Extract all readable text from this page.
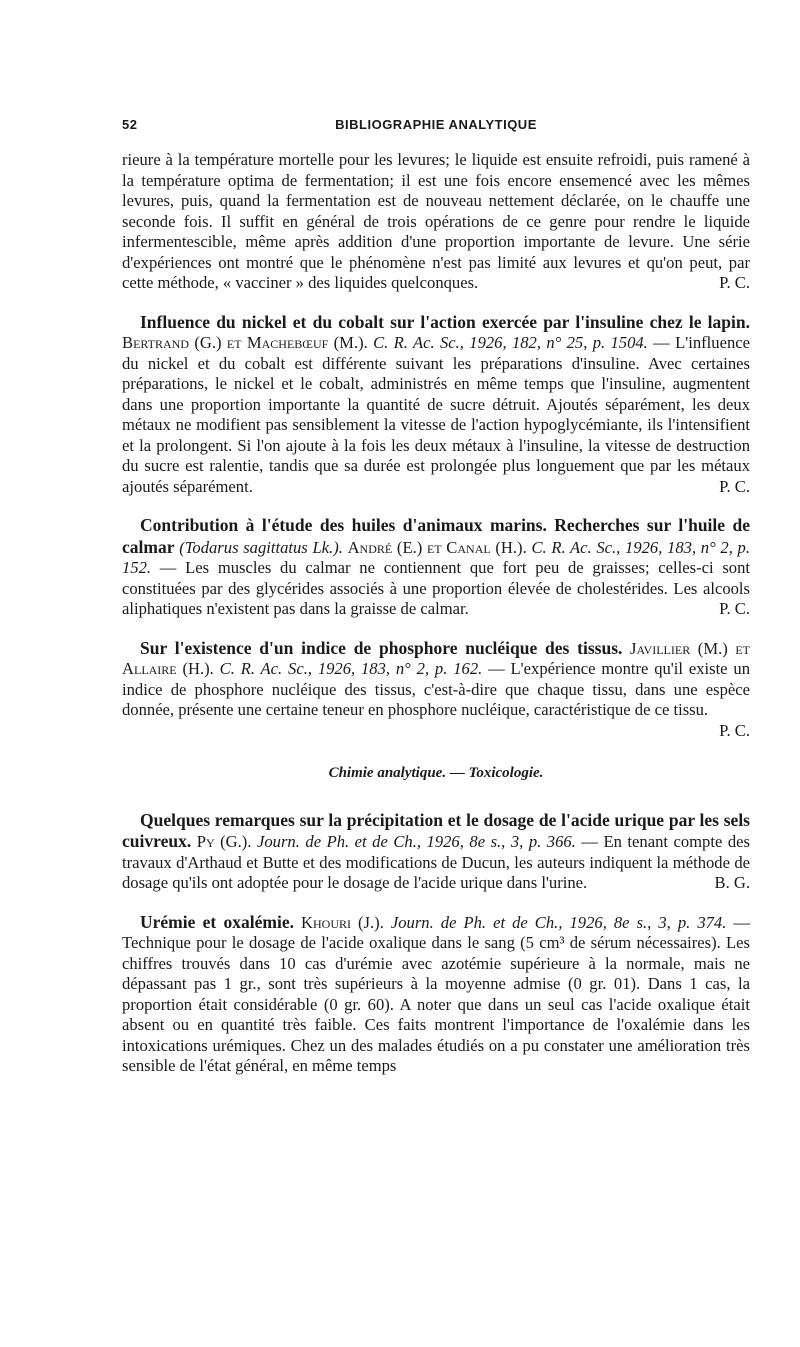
52	BIBLIOGRAPHIE ANALYTIQUE

rieure à la température mortelle pour les levures; le liquide est ensuite refroidi, puis ramené à la température optima de fermentation; il est une fois encore ensemencé avec les mêmes levures, puis, quand la fermentation est de nouveau nettement déclarée, on le chauffe une seconde fois. Il suffit en général de trois opérations de ce genre pour rendre le liquide infermentescible, même après addition d'une proportion importante de levure. Une série d'expériences ont montré que le phénomène n'est pas limité aux levures et qu'on peut, par cette méthode, « vacciner » des liquides quelconques.	P. C.

Influence du nickel et du cobalt sur l'action exercée par l'insuline chez le lapin. Bertrand (G.) et Machebœuf (M.). C. R. Ac. Sc., 1926, 182, n° 25, p. 1504. — L'influence du nickel et du cobalt est différente suivant les préparations d'insuline. Avec certaines préparations, le nickel et le cobalt, administrés en même temps que l'insuline, augmentent dans une proportion importante la quantité de sucre détruit. Ajoutés séparément, les deux métaux ne modifient pas sensiblement la vitesse de l'action hypoglycémiante, ils l'intensifient et la prolongent. Si l'on ajoute à la fois les deux métaux à l'insuline, la vitesse de destruction du sucre est ralentie, tandis que sa durée est prolongée plus longuement que par les métaux ajoutés séparément.	P. C.

Contribution à l'étude des huiles d'animaux marins. Recherches sur l'huile de calmar (Todarus sagittatus Lk.). André (E.) et Canal (H.). C. R. Ac. Sc., 1926, 183, n° 2, p. 152. — Les muscles du calmar ne contiennent que fort peu de graisses; celles-ci sont constituées par des glycérides associés à une proportion élevée de cholestérides. Les alcools aliphatiques n'existent pas dans la graisse de calmar.	P. C.

Sur l'existence d'un indice de phosphore nucléique des tissus. Javillier (M.) et Allaire (H.). C. R. Ac. Sc., 1926, 183, n° 2, p. 162. — L'expérience montre qu'il existe un indice de phosphore nucléique des tissus, c'est-à-dire que chaque tissu, dans une espèce donnée, présente une certaine teneur en phosphore nucléique, caractéristique de ce tissu.
P. C.

Chimie analytique. — Toxicologie.

Quelques remarques sur la précipitation et le dosage de l'acide urique par les sels cuivreux. Py (G.). Journ. de Ph. et de Ch., 1926, 8e s., 3, p. 366. — En tenant compte des travaux d'Arthaud et Butte et des modifications de Ducun, les auteurs indiquent la méthode de dosage qu'ils ont adoptée pour le dosage de l'acide urique dans l'urine.	B. G.

Urémie et oxalémie. Khouri (J.). Journ. de Ph. et de Ch., 1926, 8e s., 3, p. 374. — Technique pour le dosage de l'acide oxalique dans le sang (5 cm³ de sérum nécessaires). Les chiffres trouvés dans 10 cas d'urémie avec azotémie supérieure à la normale, mais ne dépassant pas 1 gr., sont très supérieurs à la moyenne admise (0 gr. 01). Dans 1 cas, la proportion était considérable (0 gr. 60). A noter que dans un seul cas l'acide oxalique était absent ou en quantité très faible. Ces faits montrent l'importance de l'oxalémie dans les intoxications urémiques. Chez un des malades étudiés on a pu constater une amélioration très sensible de l'état général, en même temps
